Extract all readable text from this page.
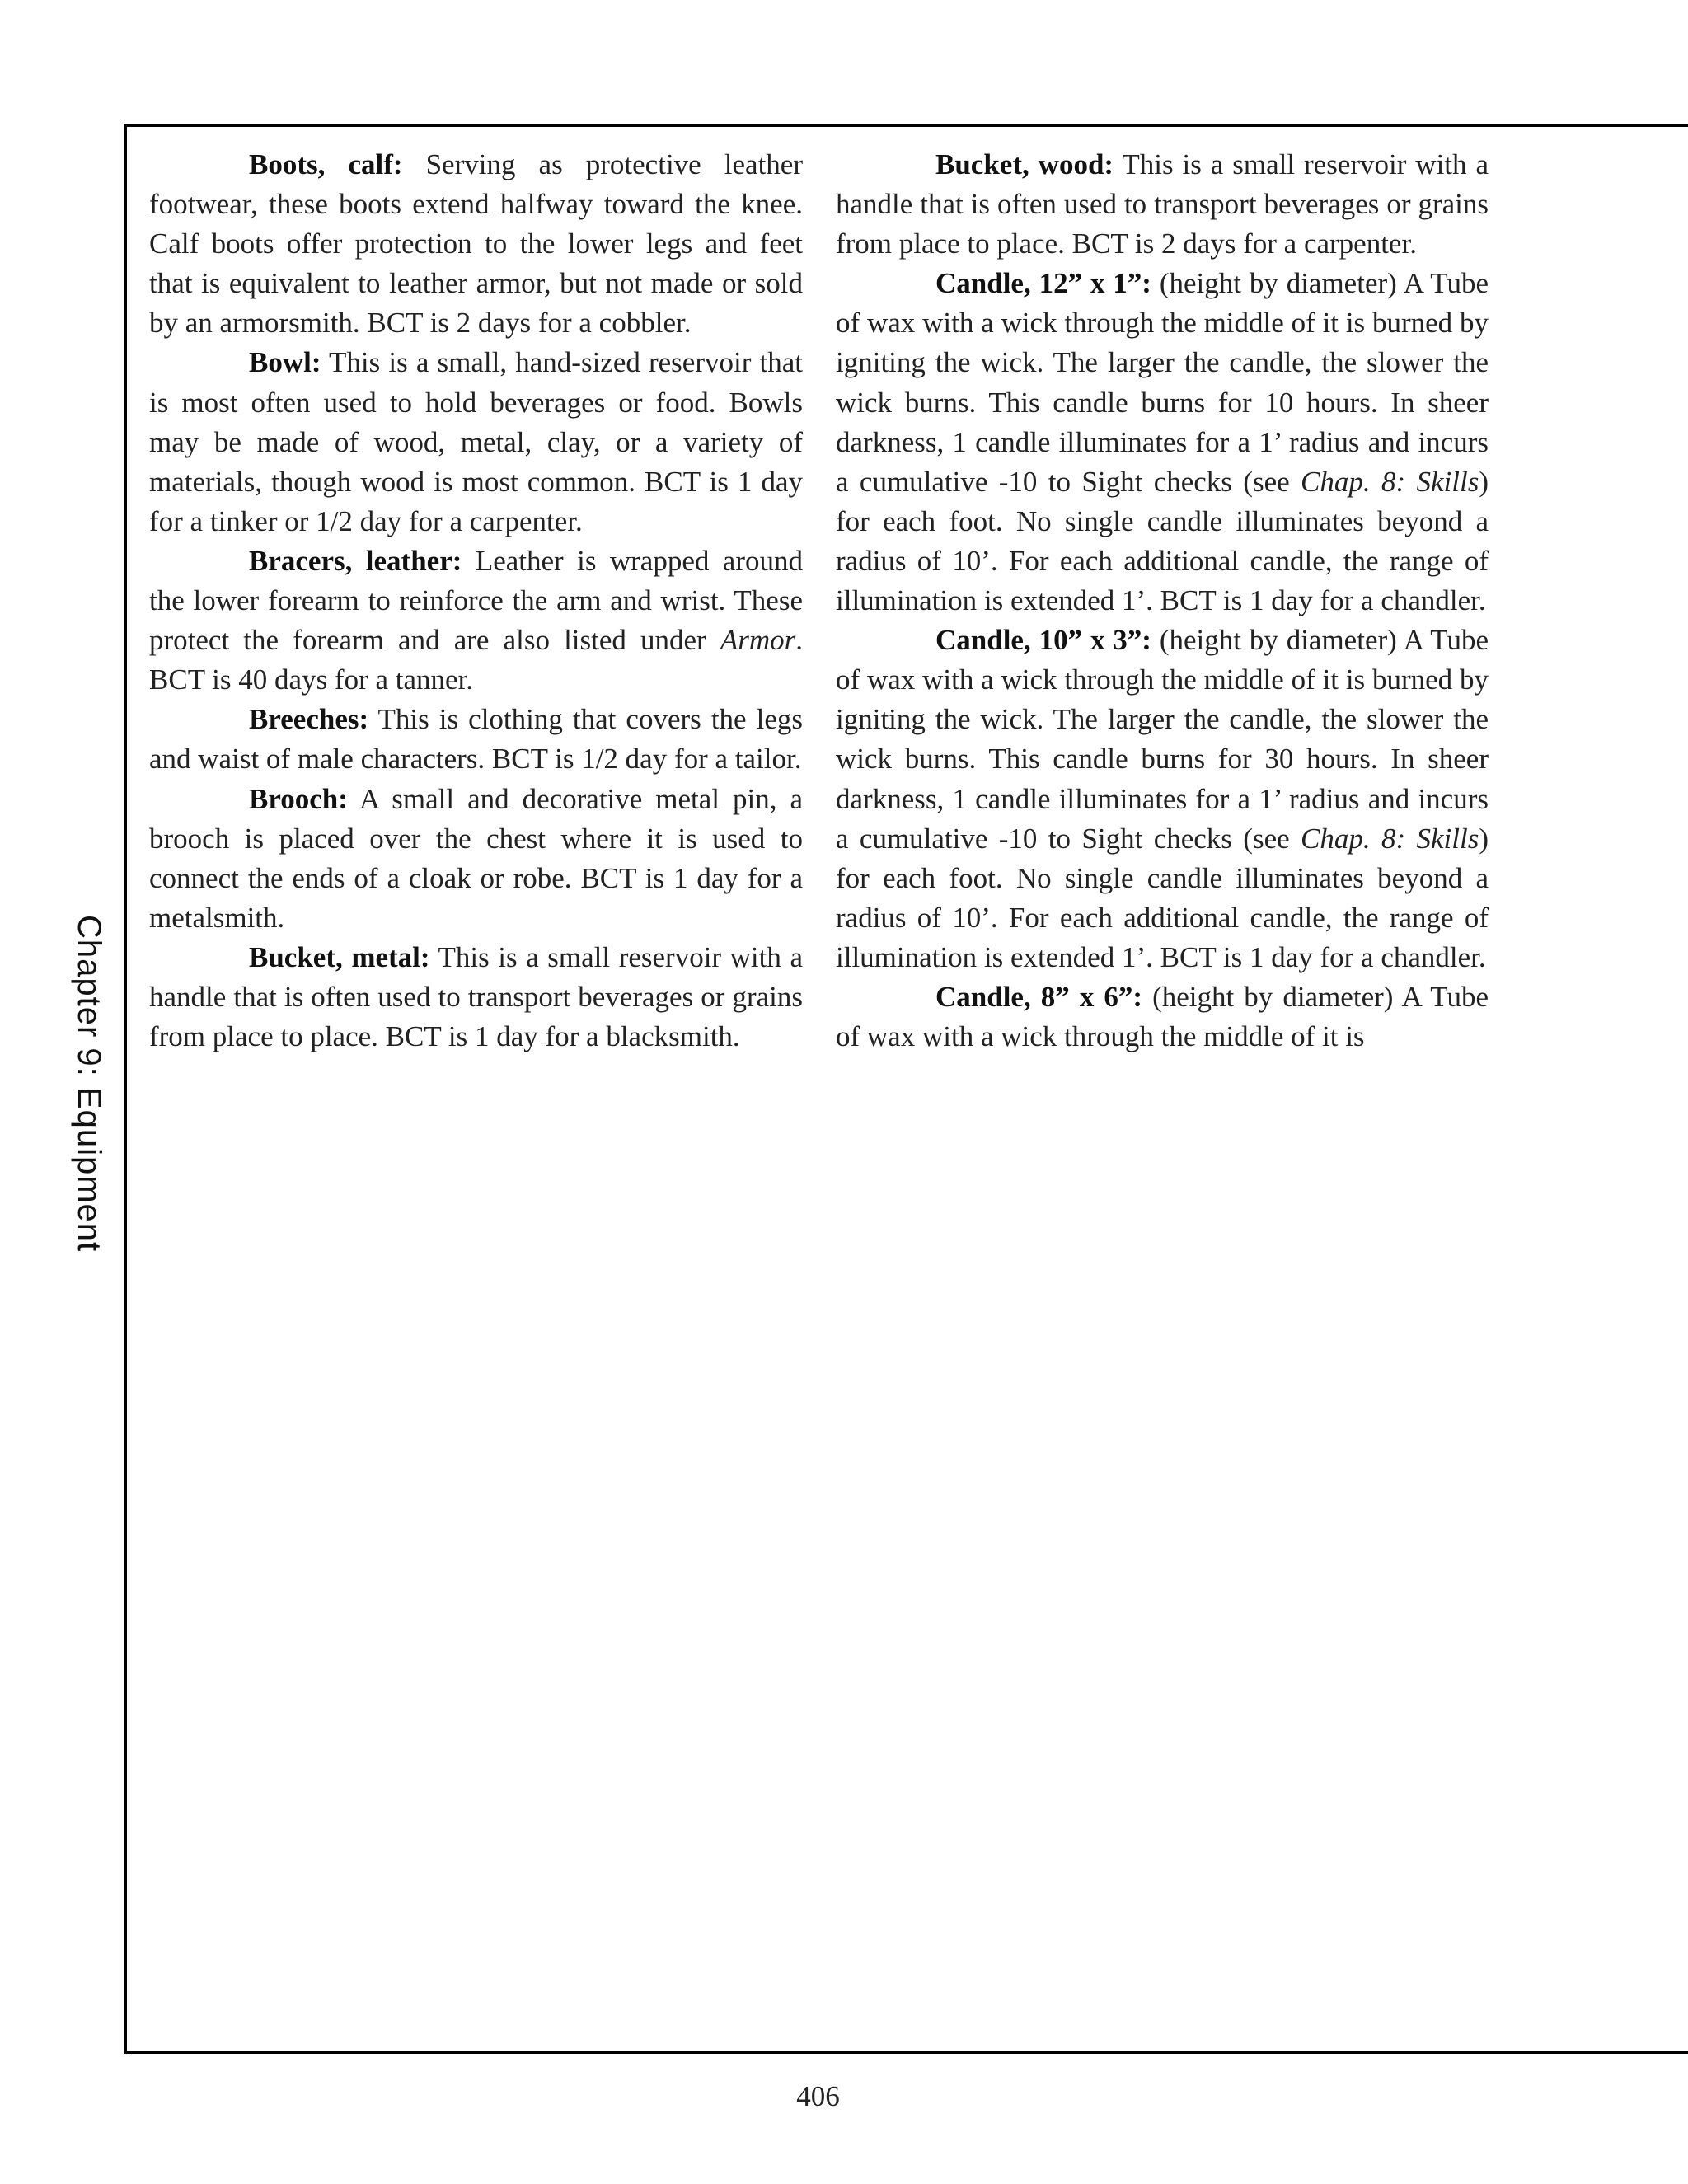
Chapter 9: Equipment

Boots, calf: Serving as protective leather footwear, these boots extend halfway toward the knee. Calf boots offer protection to the lower legs and feet that is equivalent to leather armor, but not made or sold by an armorsmith. BCT is 2 days for a cobbler.

Bowl: This is a small, hand-sized reservoir that is most often used to hold beverages or food. Bowls may be made of wood, metal, clay, or a variety of materials, though wood is most common. BCT is 1 day for a tinker or 1/2 day for a carpenter.

Bracers, leather: Leather is wrapped around the lower forearm to reinforce the arm and wrist. These protect the forearm and are also listed under Armor. BCT is 40 days for a tanner.

Breeches: This is clothing that covers the legs and waist of male characters. BCT is 1/2 day for a tailor.

Brooch: A small and decorative metal pin, a brooch is placed over the chest where it is used to connect the ends of a cloak or robe. BCT is 1 day for a metalsmith.

Bucket, metal: This is a small reservoir with a handle that is often used to transport beverages or grains from place to place. BCT is 1 day for a blacksmith.

Bucket, wood: This is a small reservoir with a handle that is often used to transport beverages or grains from place to place. BCT is 2 days for a carpenter.

Candle, 12” x 1”: (height by diameter) A Tube of wax with a wick through the middle of it is burned by igniting the wick. The larger the candle, the slower the wick burns. This candle burns for 10 hours. In sheer darkness, 1 candle illuminates for a 1’ radius and incurs a cumulative -10 to Sight checks (see Chap. 8: Skills) for each foot. No single candle illuminates beyond a radius of 10’. For each additional candle, the range of illumination is extended 1’. BCT is 1 day for a chandler.

Candle, 10” x 3”: (height by diameter) A Tube of wax with a wick through the middle of it is burned by igniting the wick. The larger the candle, the slower the wick burns. This candle burns for 30 hours. In sheer darkness, 1 candle illuminates for a 1’ radius and incurs a cumulative -10 to Sight checks (see Chap. 8: Skills) for each foot. No single candle illuminates beyond a radius of 10’. For each additional candle, the range of illumination is extended 1’. BCT is 1 day for a chandler.

Candle, 8” x 6”: (height by diameter) A Tube of wax with a wick through the middle of it is

406
